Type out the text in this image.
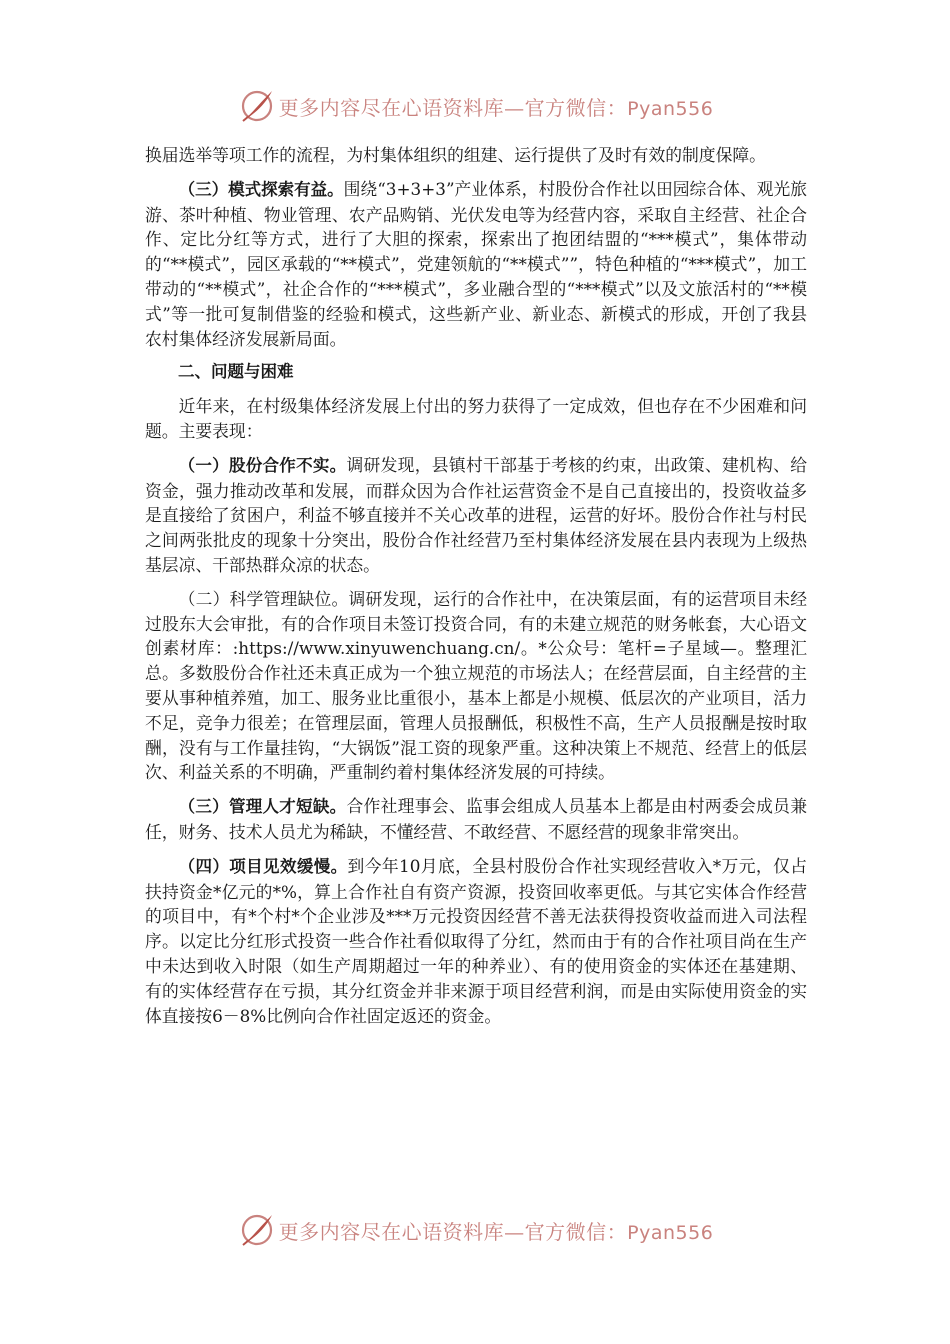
更多内容尽在心语资料库—官方微信：Pyan556

换届选举等项工作的流程，为村集体组织的组建、运行提供了及时有效的制度保障。

（三）模式探索有益。围绕“3+3+3”产业体系，村股份合作社以田园综合体、观光旅游、茶叶种植、物业管理、农产品购销、光伏发电等为经营内容，采取自主经营、社企合作、定比分红等方式，进行了大胆的探索，探索出了抱团结盟的“***模式”，集体带动的“**模式”，园区承载的“**模式”，党建领航的“**模式””，特色种植的“***模式”，加工带动的“**模式”，社企合作的“***模式”，多业融合型的“***模式”以及文旅活村的“**模式”等一批可复制借鉴的经验和模式，这些新产业、新业态、新模式的形成，开创了我县农村集体经济发展新局面。

二、问题与困难

近年来，在村级集体经济发展上付出的努力获得了一定成效，但也存在不少困难和问题。主要表现：

（一）股份合作不实。调研发现，县镇村干部基于考核的约束，出政策、建机构、给资金，强力推动改革和发展，而群众因为合作社运营资金不是自己直接出的，投资收益多是直接给了贫困户，利益不够直接并不关心改革的进程，运营的好坏。股份合作社与村民之间两张批皮的现象十分突出，股份合作社经营乃至村集体经济发展在县内表现为上级热基层凉、干部热群众凉的状态。

（二）科学管理缺位。调研发现，运行的合作社中，在决策层面，有的运营项目未经过股东大会审批，有的合作项目未签订投资合同，有的未建立规范的财务帐套，大心语文创素材库：:https://www.xinyuwenchuang.cn/。*公众号：笔杆=子星域—。整理汇总。多数股份合作社还未真正成为一个独立规范的市场法人；在经营层面，自主经营的主要从事种植养殖，加工、服务业比重很小，基本上都是小规模、低层次的产业项目，活力不足，竞争力很差；在管理层面，管理人员报酬低，积极性不高，生产人员报酬是按时取酬，没有与工作量挂钩，“大锅饭”混工资的现象严重。这种决策上不规范、经营上的低层次、利益关系的不明确，严重制约着村集体经济发展的可持续。

（三）管理人才短缺。合作社理事会、监事会组成人员基本上都是由村两委会成员兼任，财务、技术人员尤为稀缺，不懂经营、不敢经营、不愿经营的现象非常突出。

（四）项目见效缓慢。到今年10月底，全县村股份合作社实现经营收入*万元，仅占扶持资金*亿元的*%，算上合作社自有资产资源，投资回收率更低。与其它实体合作经营的项目中，有*个村*个企业涉及***万元投资因经营不善无法获得投资收益而进入司法程序。以定比分红形式投资一些合作社看似取得了分红，然而由于有的合作社项目尚在生产中未达到收入时限（如生产周期超过一年的种养业）、有的使用资金的实体还在基建期、有的实体经营存在亏损，其分红资金并非来源于项目经营利润，而是由实际使用资金的实体直接按6－8%比例向合作社固定返还的资金。

更多内容尽在心语资料库—官方微信：Pyan556
